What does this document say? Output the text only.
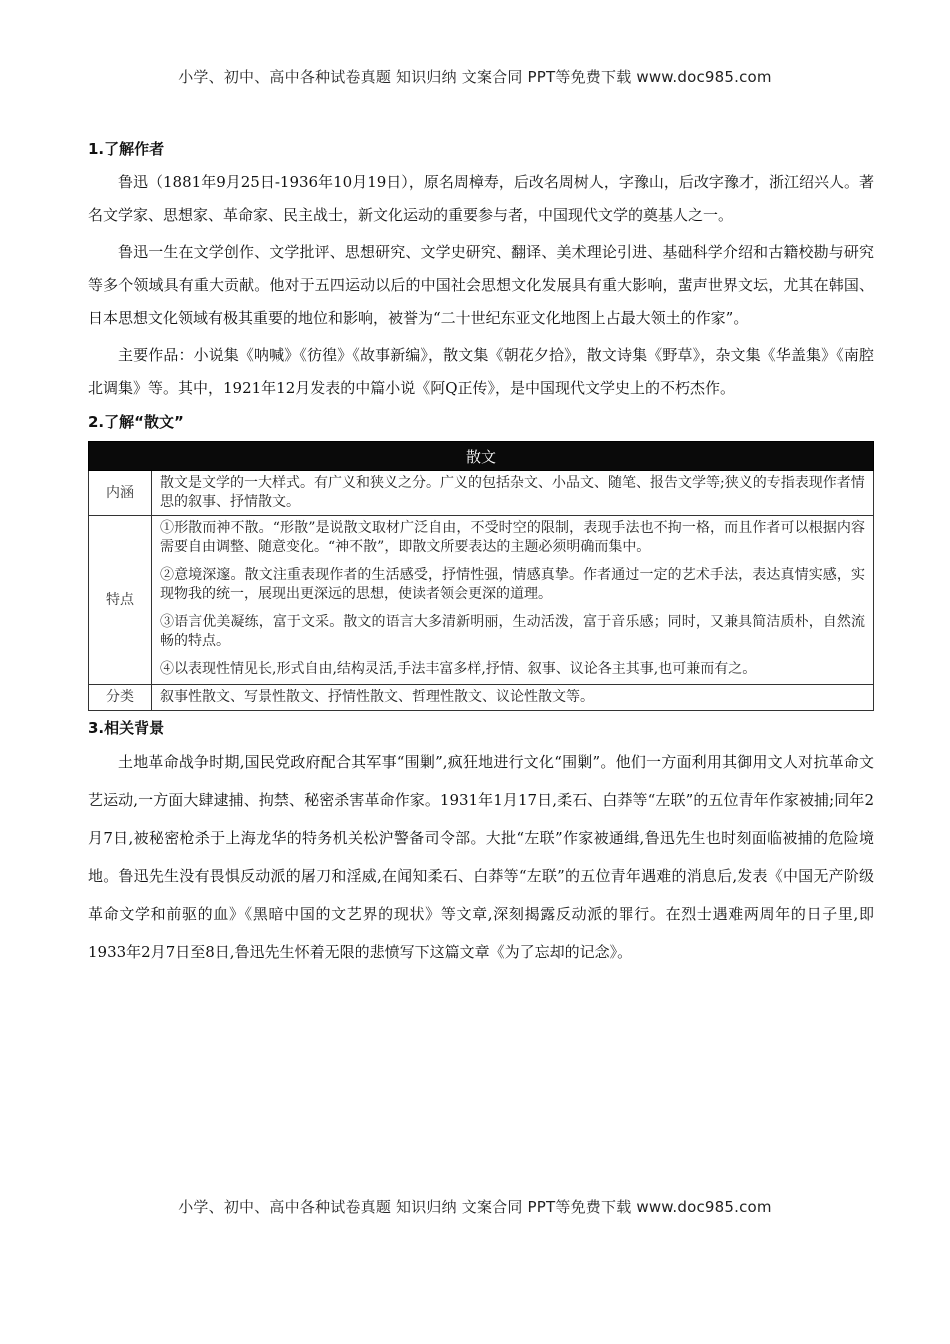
小学、初中、高中各种试卷真题 知识归纳 文案合同 PPT等免费下载 www.doc985.com
1.了解作者

鲁迅（1881年9月25日-1936年10月19日），原名周樟寿，后改名周树人，字豫山，后改字豫才，浙江绍兴人。著名文学家、思想家、革命家、民主战士，新文化运动的重要参与者，中国现代文学的奠基人之一。

鲁迅一生在文学创作、文学批评、思想研究、文学史研究、翻译、美术理论引进、基础科学介绍和古籍校勘与研究等多个领域具有重大贡献。他对于五四运动以后的中国社会思想文化发展具有重大影响，蜚声世界文坛，尤其在韩国、日本思想文化领域有极其重要的地位和影响，被誉为“二十世纪东亚文化地图上占最大领土的作家”。

主要作品：小说集《呐喊》《彷徨》《故事新编》，散文集《朝花夕拾》，散文诗集《野草》，杂文集《华盖集》《南腔北调集》等。其中，1921年12月发表的中篇小说《阿Q正传》，是中国现代文学史上的不朽杰作。

2.了解“散文”
散文	
内涵	散文是文学的一大样式。有广义和狭义之分。广义的包括杂文、小品文、随笔、报告文学等;狭义的专指表现作者情思的叙事、抒情散文。
特点	①形散而神不散。“形散”是说散文取材广泛自由，不受时空的限制，表现手法也不拘一格，而且作者可以根据内容需要自由调整、随意变化。“神不散”，即散文所要表达的主题必须明确而集中。

②意境深邃。散文注重表现作者的生活感受，抒情性强，情感真挚。作者通过一定的艺术手法，表达真情实感，实现物我的统一，展现出更深远的思想，使读者领会更深的道理。

③语言优美凝练，富于文采。散文的语言大多清新明丽，生动活泼，富于音乐感；同时，又兼具简洁质朴，自然流畅的特点。

④以表现性情见长,形式自由,结构灵活,手法丰富多样,抒情、叙事、议论各主其事,也可兼而有之。

分类	叙事性散文、写景性散文、抒情性散文、哲理性散文、议论性散文等。
3.相关背景

土地革命战争时期,国民党政府配合其军事“围剿”,疯狂地进行文化“围剿”。他们一方面利用其御用文人对抗革命文艺运动,一方面大肆逮捕、拘禁、秘密杀害革命作家。1931年1月17日,柔石、白莽等“左联”的五位青年作家被捕;同年2月7日,被秘密枪杀于上海龙华的特务机关松沪警备司令部。大批“左联”作家被通缉,鲁迅先生也时刻面临被捕的危险境地。鲁迅先生没有畏惧反动派的屠刀和淫威,在闻知柔石、白莽等“左联”的五位青年遇难的消息后,发表《中国无产阶级革命文学和前驱的血》《黑暗中国的文艺界的现状》等文章,深刻揭露反动派的罪行。在烈士遇难两周年的日子里,即1933年2月7日至8日,鲁迅先生怀着无限的悲愤写下这篇文章《为了忘却的记念》。

小学、初中、高中各种试卷真题 知识归纳 文案合同 PPT等免费下载 www.doc985.com
